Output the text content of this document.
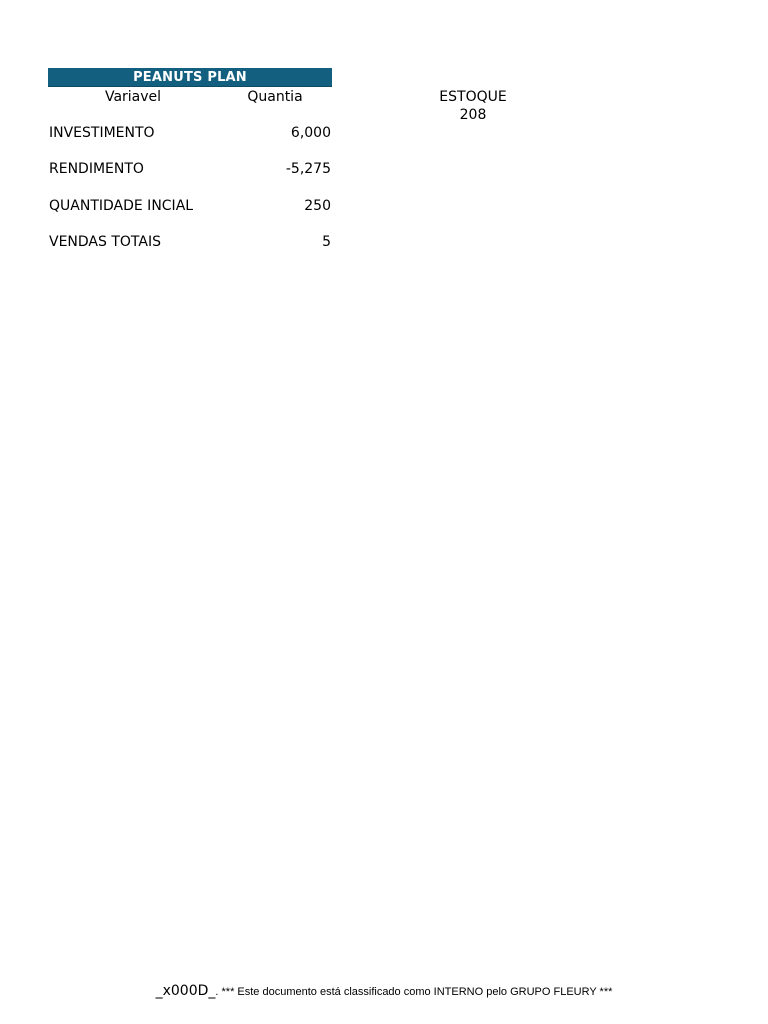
PEANUTS PLAN
Variavel	Quantia	ESTOQUE
208
INVESTIMENTO	6,000
RENDIMENTO	-5,275
QUANTIDADE INCIAL	250
VENDAS TOTAIS	5
_x000D_. *** Este documento está classificado como INTERNO pelo GRUPO FLEURY ***
